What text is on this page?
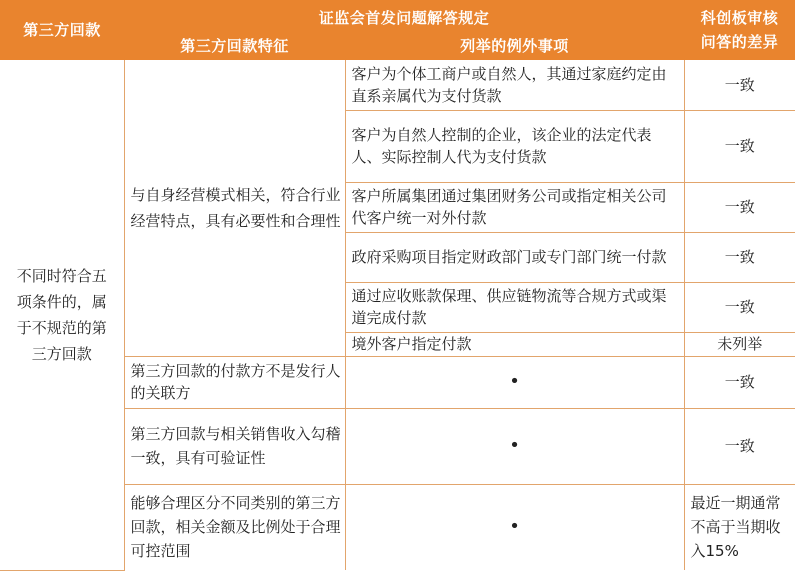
第三方回款	证监会首发问题解答规定		科创板审核问答的差异
	第三方回款特征	列举的例外事项	
不同时符合五项条件的，属于不规范的第三方回款	与自身经营模式相关，符合行业经营特点，具有必要性和合理性	客户为个体工商户或自然人，其通过家庭约定由直系亲属代为支付货款	一致
		客户为自然人控制的企业，该企业的法定代表人、实际控制人代为支付货款	一致
		客户所属集团通过集团财务公司或指定相关公司代客户统一对外付款	一致
		政府采购项目指定财政部门或专门部门统一付款	一致
		通过应收账款保理、供应链物流等合规方式或渠道完成付款	一致
		境外客户指定付款	未列举
	第三方回款的付款方不是发行人的关联方	•	一致
	第三方回款与相关销售收入勾稽一致，具有可验证性	•	一致
	能够合理区分不同类别的第三方回款，相关金额及比例处于合理可控范围	•	最近一期通常不高于当期收入15%
